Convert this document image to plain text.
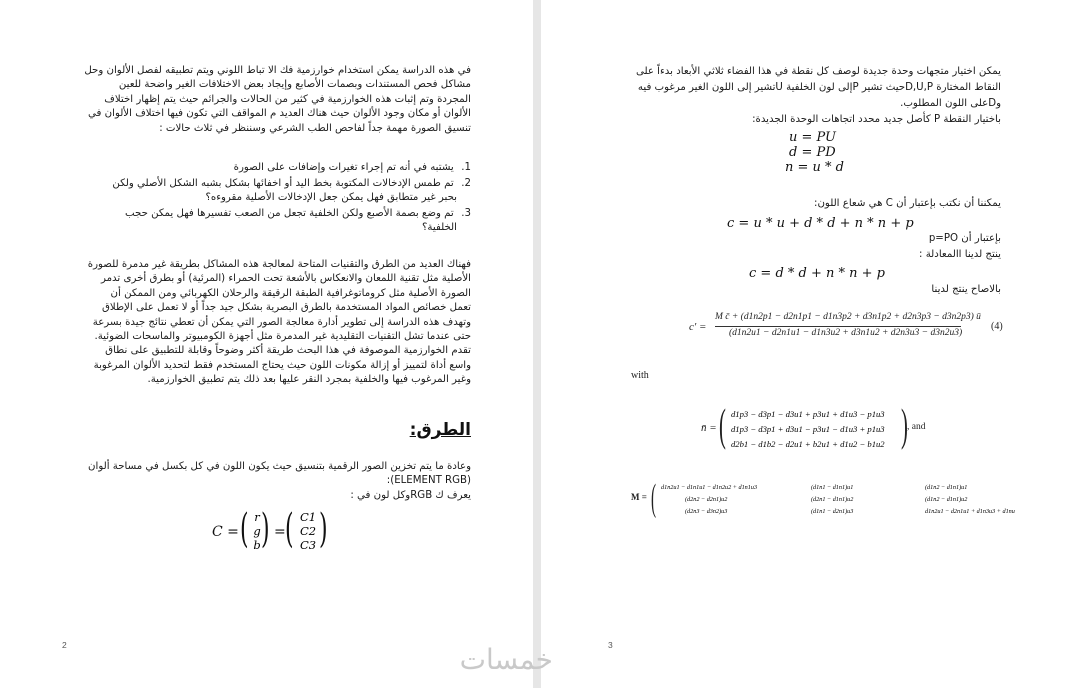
في هذه الدراسة يمكن استخدام خوارزمية فك الا تباط اللوني ويتم تطبيقه لفصل الألوان وحل
مشاكل فحص المستندات وبصمات الأصابع وإيجاد بعض الاختلافات الغير واضحة للعين
المجردة وتم إثبات هذه الخوارزمية في كثير من الحالات والجرائم حيث يتم إظهار اختلاف
الألوان أو مكان وجود الألوان حيث هناك العديد م المواقف التي تكون فيها اختلاف الألوان في
تنسيق الصورة مهمة جداً لفاحص الطب الشرعي وسننظر في ثلاث حالات :
1. يشتبه في أنه تم إجراء تغيرات وإضافات على الصورة
2. تم طمس الإدخالات المكتوبة بخط اليد أو اخفائها بشكل بشبه الشكل الأصلي ولكن
بحبر غير متطابق فهل يمكن جعل الإدخالات الأصلية مقروءه؟
3. تم وضع بصمة الأصبع ولكن الخلفية تجعل من الصعب تفسيرها فهل يمكن حجب
الخلفية؟
فهناك العديد من الطرق والتقنيات المتاحة لمعالجة هذه المشاكل بطريقة غير مدمرة للصورة
الأصلية مثل تقنية اللمعان والانعكاس بالأشعة تحت الحمراء (المرئية) أو بطرق أخرى تدمر
الصورة الأصلية مثل كروماتوغرافية الطبقة الرقيقة والرحلان الكهربائي ومن الممكن أن
تعمل خصائص المواد المستخدمة بالطرق البصرية بشكل جيد جداً أو لا تعمل على الإطلاق
وتهدف هذه الدراسة إلى تطوير أدارة معالجة الصور التي يمكن أن تعطي نتائج جيدة بسرعة
حتى عندما تشل التقنيات التقليدية غير المدمرة مثل أجهزة الكومبيوتر والماسحات الضوئية.
تقدم الخوارزمية الموصوفة في هذا البحث طريقة أكثر وضوحاً وقابلة للتطبيق على نطاق
واسع أداة لتمييز أو إزالة مكونات اللون حيث يحتاج المستخدم فقط لتحديد الألوان المرغوبة
وغير المرغوب فيها والخلفية بمجرد النقر عليها بعد ذلك يتم تطبيق الخوارزمية.
الطرق:
وعادة ما يتم تخزين الصور الرقمية بتنسيق حيث يكون اللون في كل بكسل في مساحة ألوان
(ELEMENT RGB):
يعرف ك RGBوكل لون في :
C = ( r
g
b ) = ( C1
C2
C3 )
2
يمكن اختيار متجهات وحدة جديدة لوصف كل نقطة في هذا الفضاء ثلاثي الأبعاد بدءاً على
النقاط المختارة D,U,Pحيث تشير Pإلى لون الخلفية Uتشير إلى اللون الغير مرغوب فيه
وDعلى اللون المطلوب.
باختيار النقطة P كأصل جديد محدد اتجاهات الوحدة الجديدة:
u = PU
d = PD
n = u * d
يمكننا أن نكتب بإعتبار أن C هي شعاع اللون:
c = u * u + d * d + n * n + p
بإعتبار أن p=PO
ينتج لدينا االمعادلة :
c = d * d + n * n + p
بالاصاح ينتج لدينا
c′ =
M c̄ + (d1n2p1 − d2n1p1 − d1n3p2 + d3n1p2 + d2n3p3 − d3n2p3) ū
(d1n2u1 − d2n1u1 − d1n3u2 + d3n1u2 + d2n3u3 − d3n2u3)
(4)
with
n̄ = ( d1p3 − d3p1 − d3u1 + p3u1 + d1u3 − p1u3
d1p3 − d3p1 + d3u1 − p3u1 − d1u3 + p1u3
d2b1 − d1b2 − d2u1 + b2u1 + d1u2 − b1u2 ) , and
M = ( d1n2u1 − d1n1u1 − d1n2u2 + d1n1u3	(d1n1 − d1n1)u1	(d1n2 − d1n1)u1
(d2n2 − d2n1)u2	(d2n1 − d1n1)u2	(d1n2 − d1n1)u2
(d2n3 − d3n2)u3	(d1n1 − d2n1)u3	d1n2u1 − d2n1u1 + d1n3u3 + d1nu
3
خمسات
